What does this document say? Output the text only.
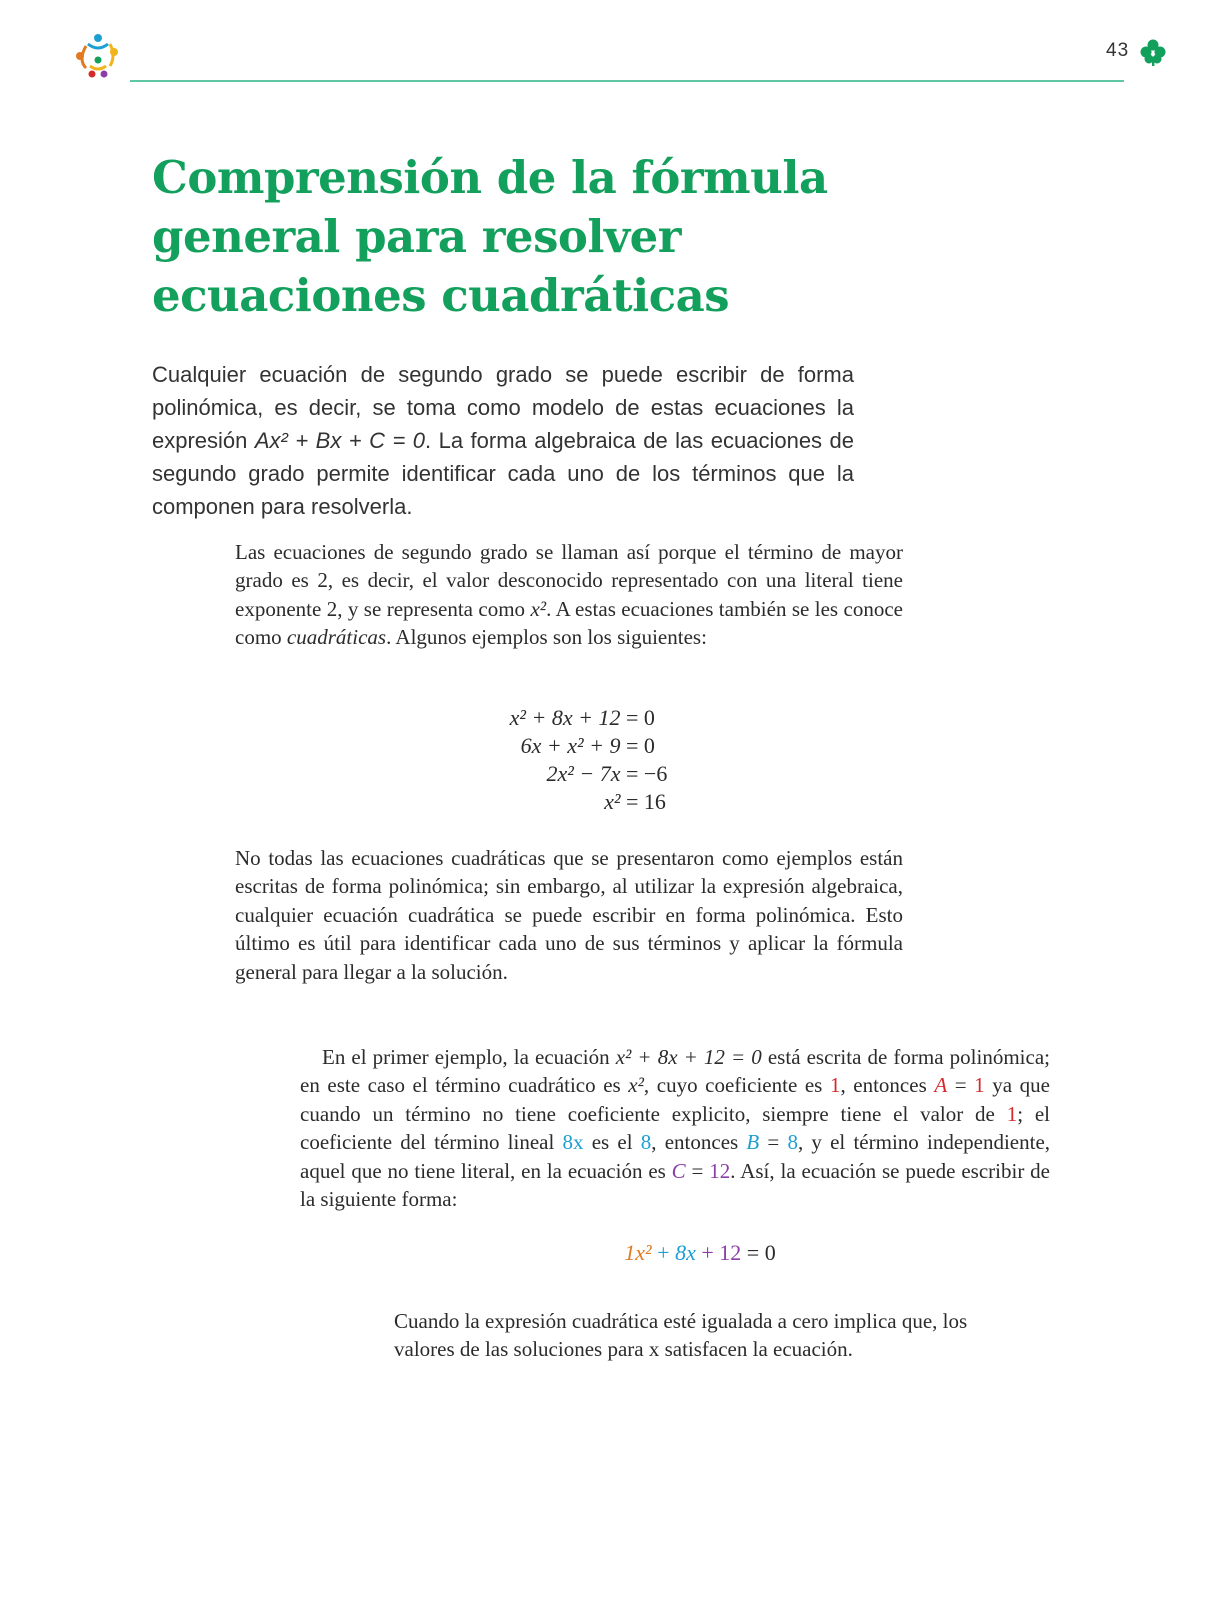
43
Comprensión de la fórmula general para resolver ecuaciones cuadráticas

Cualquier ecuación de segundo grado se puede escribir de forma polinómica, es decir, se toma como modelo de estas ecuaciones la expresión Ax² + Bx + C = 0. La forma algebraica de las ecuaciones de segundo grado permite identificar cada uno de los términos que la componen para resolverla.

Las ecuaciones de segundo grado se llaman así porque el término de mayor grado es 2, es decir, el valor desconocido representado con una literal tiene exponente 2, y se representa como x². A estas ecuaciones también se les conoce como cuadráticas. Algunos ejemplos son los siguientes:

x² + 8x + 12 = 0
6x + x² + 9 = 0
2x² − 7x = −6
x² = 16

No todas las ecuaciones cuadráticas que se presentaron como ejemplos están escritas de forma polinómica; sin embargo, al utilizar la expresión algebraica, cualquier ecuación cuadrática se puede escribir en forma polinómica. Esto último es útil para identificar cada uno de sus términos y aplicar la fórmula general para llegar a la solución.

En el primer ejemplo, la ecuación x² + 8x + 12 = 0 está escrita de forma polinómica; en este caso el término cuadrático es x², cuyo coeficiente es 1, entonces A = 1 ya que cuando un término no tiene coeficiente explicito, siempre tiene el valor de 1; el coeficiente del término lineal 8x es el 8, entonces B = 8, y el término independiente, aquel que no tiene literal, en la ecuación es C = 12. Así, la ecuación se puede escribir de la siguiente forma:

1x² + 8x + 12 = 0

Cuando la expresión cuadrática esté igualada a cero implica que, los valores de las soluciones para x satisfacen la ecuación.
